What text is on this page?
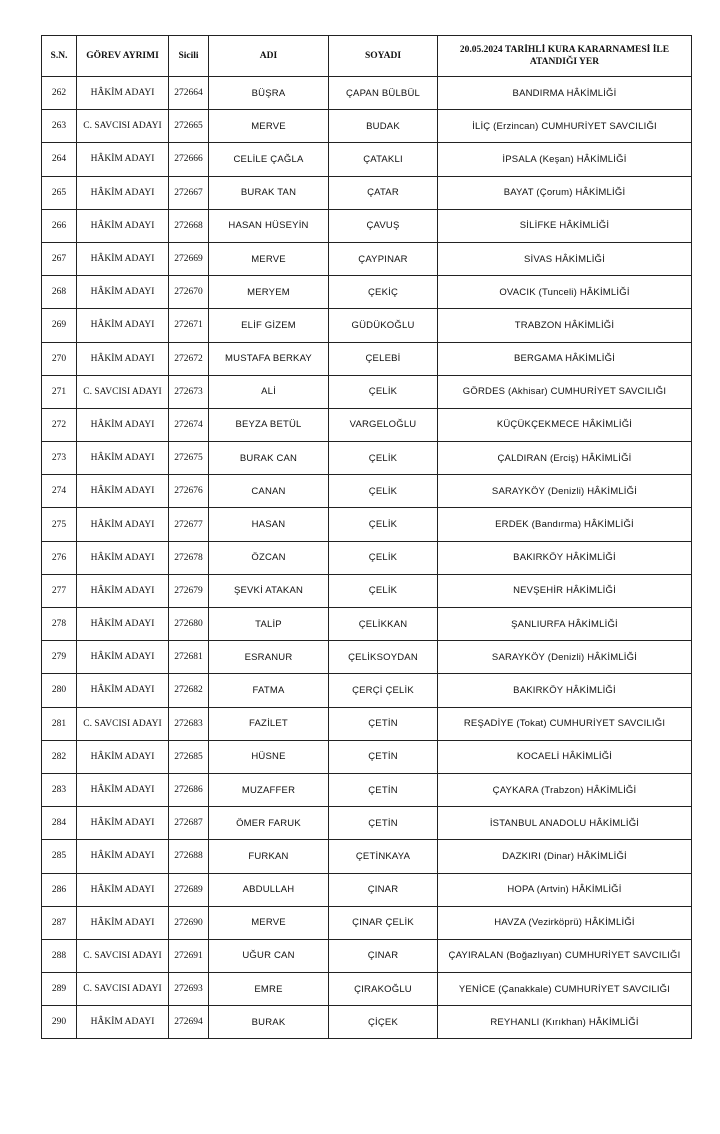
S.N.	GÖREV AYRIMI	Sicili	ADI	SOYADI	20.05.2024 TARİHLİ KURA KARARNAMESİ İLE ATANDIĞI YER
262	HÂKİM ADAYI	272664	BÜŞRA	ÇAPAN BÜLBÜL	BANDIRMA HÂKİMLİĞİ
263	C. SAVCISI ADAYI	272665	MERVE	BUDAK	İLİÇ (Erzincan) CUMHURİYET SAVCILIĞI
264	HÂKİM ADAYI	272666	CELİLE ÇAĞLA	ÇATAKLI	İPSALA (Keşan) HÂKİMLİĞİ
265	HÂKİM ADAYI	272667	BURAK TAN	ÇATAR	BAYAT (Çorum) HÂKİMLİĞİ
266	HÂKİM ADAYI	272668	HASAN HÜSEYİN	ÇAVUŞ	SİLİFKE HÂKİMLİĞİ
267	HÂKİM ADAYI	272669	MERVE	ÇAYPINAR	SİVAS HÂKİMLİĞİ
268	HÂKİM ADAYI	272670	MERYEM	ÇEKİÇ	OVACIK (Tunceli) HÂKİMLİĞİ
269	HÂKİM ADAYI	272671	ELİF GİZEM	GÜDÜKOĞLU	TRABZON HÂKİMLİĞİ
270	HÂKİM ADAYI	272672	MUSTAFA BERKAY	ÇELEBİ	BERGAMA HÂKİMLİĞİ
271	C. SAVCISI ADAYI	272673	ALİ	ÇELİK	GÖRDES (Akhisar) CUMHURİYET SAVCILIĞI
272	HÂKİM ADAYI	272674	BEYZA BETÜL	VARGELOĞLU	KÜÇÜKÇEKMECE HÂKİMLİĞİ
273	HÂKİM ADAYI	272675	BURAK CAN	ÇELİK	ÇALDIRAN (Erciş) HÂKİMLİĞİ
274	HÂKİM ADAYI	272676	CANAN	ÇELİK	SARAYKÖY (Denizli) HÂKİMLİĞİ
275	HÂKİM ADAYI	272677	HASAN	ÇELİK	ERDEK (Bandırma) HÂKİMLİĞİ
276	HÂKİM ADAYI	272678	ÖZCAN	ÇELİK	BAKIRKÖY HÂKİMLİĞİ
277	HÂKİM ADAYI	272679	ŞEVKİ ATAKAN	ÇELİK	NEVŞEHİR HÂKİMLİĞİ
278	HÂKİM ADAYI	272680	TALİP	ÇELİKKAN	ŞANLIURFA HÂKİMLİĞİ
279	HÂKİM ADAYI	272681	ESRANUR	ÇELİKSOYDAN	SARAYKÖY (Denizli) HÂKİMLİĞİ
280	HÂKİM ADAYI	272682	FATMA	ÇERÇİ ÇELİK	BAKIRKÖY HÂKİMLİĞİ
281	C. SAVCISI ADAYI	272683	FAZİLET	ÇETİN	REŞADİYE (Tokat) CUMHURİYET SAVCILIĞI
282	HÂKİM ADAYI	272685	HÜSNE	ÇETİN	KOCAELİ HÂKİMLİĞİ
283	HÂKİM ADAYI	272686	MUZAFFER	ÇETİN	ÇAYKARA (Trabzon) HÂKİMLİĞİ
284	HÂKİM ADAYI	272687	ÖMER FARUK	ÇETİN	İSTANBUL ANADOLU HÂKİMLİĞİ
285	HÂKİM ADAYI	272688	FURKAN	ÇETİNKAYA	DAZKIRI (Dinar) HÂKİMLİĞİ
286	HÂKİM ADAYI	272689	ABDULLAH	ÇINAR	HOPA (Artvin) HÂKİMLİĞİ
287	HÂKİM ADAYI	272690	MERVE	ÇINAR ÇELİK	HAVZA (Vezirköprü) HÂKİMLİĞİ
288	C. SAVCISI ADAYI	272691	UĞUR CAN	ÇINAR	ÇAYIRALAN (Boğazlıyan) CUMHURİYET SAVCILIĞI
289	C. SAVCISI ADAYI	272693	EMRE	ÇIRAKOĞLU	YENİCE (Çanakkale) CUMHURİYET SAVCILIĞI
290	HÂKİM ADAYI	272694	BURAK	ÇİÇEK	REYHANLI (Kırıkhan) HÂKİMLİĞİ
